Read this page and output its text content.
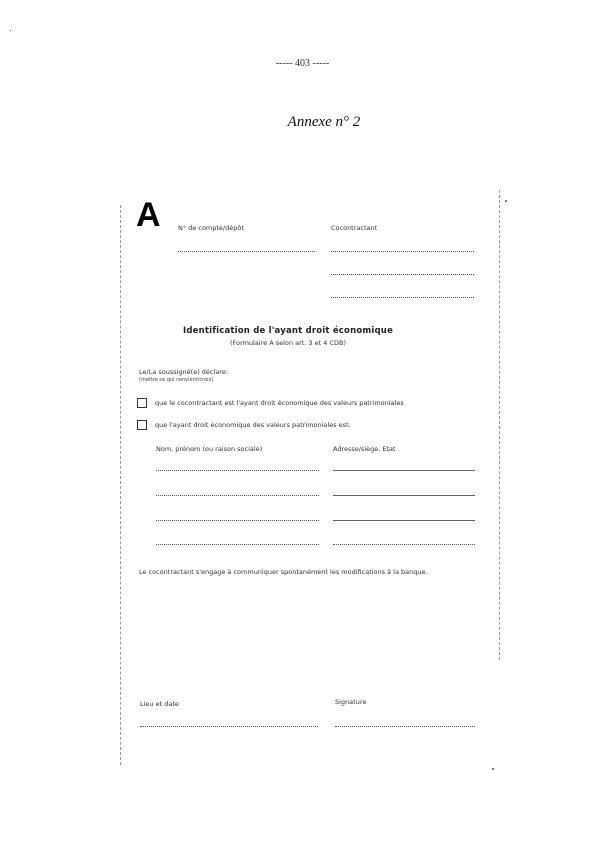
----- 403 -----
Annexe n° 2
A	N° de compte/dépôt	Cocontractant
Identification de l'ayant droit économique
(Formulaire A selon art. 3 et 4 CDB)
Le/La soussigné(e) déclare:
(mettre ce qui convient/croix)
que le cocontractant est l'ayant droit économique des valeurs patrimoniales
que l'ayant droit économique des valeurs patrimoniales est:
Nom, prénom (ou raison sociale)	Adresse/siège, Etat
Le cocontractant s'engage à communiquer spontanément les modifications à la banque.
Lieu et date	Signature
